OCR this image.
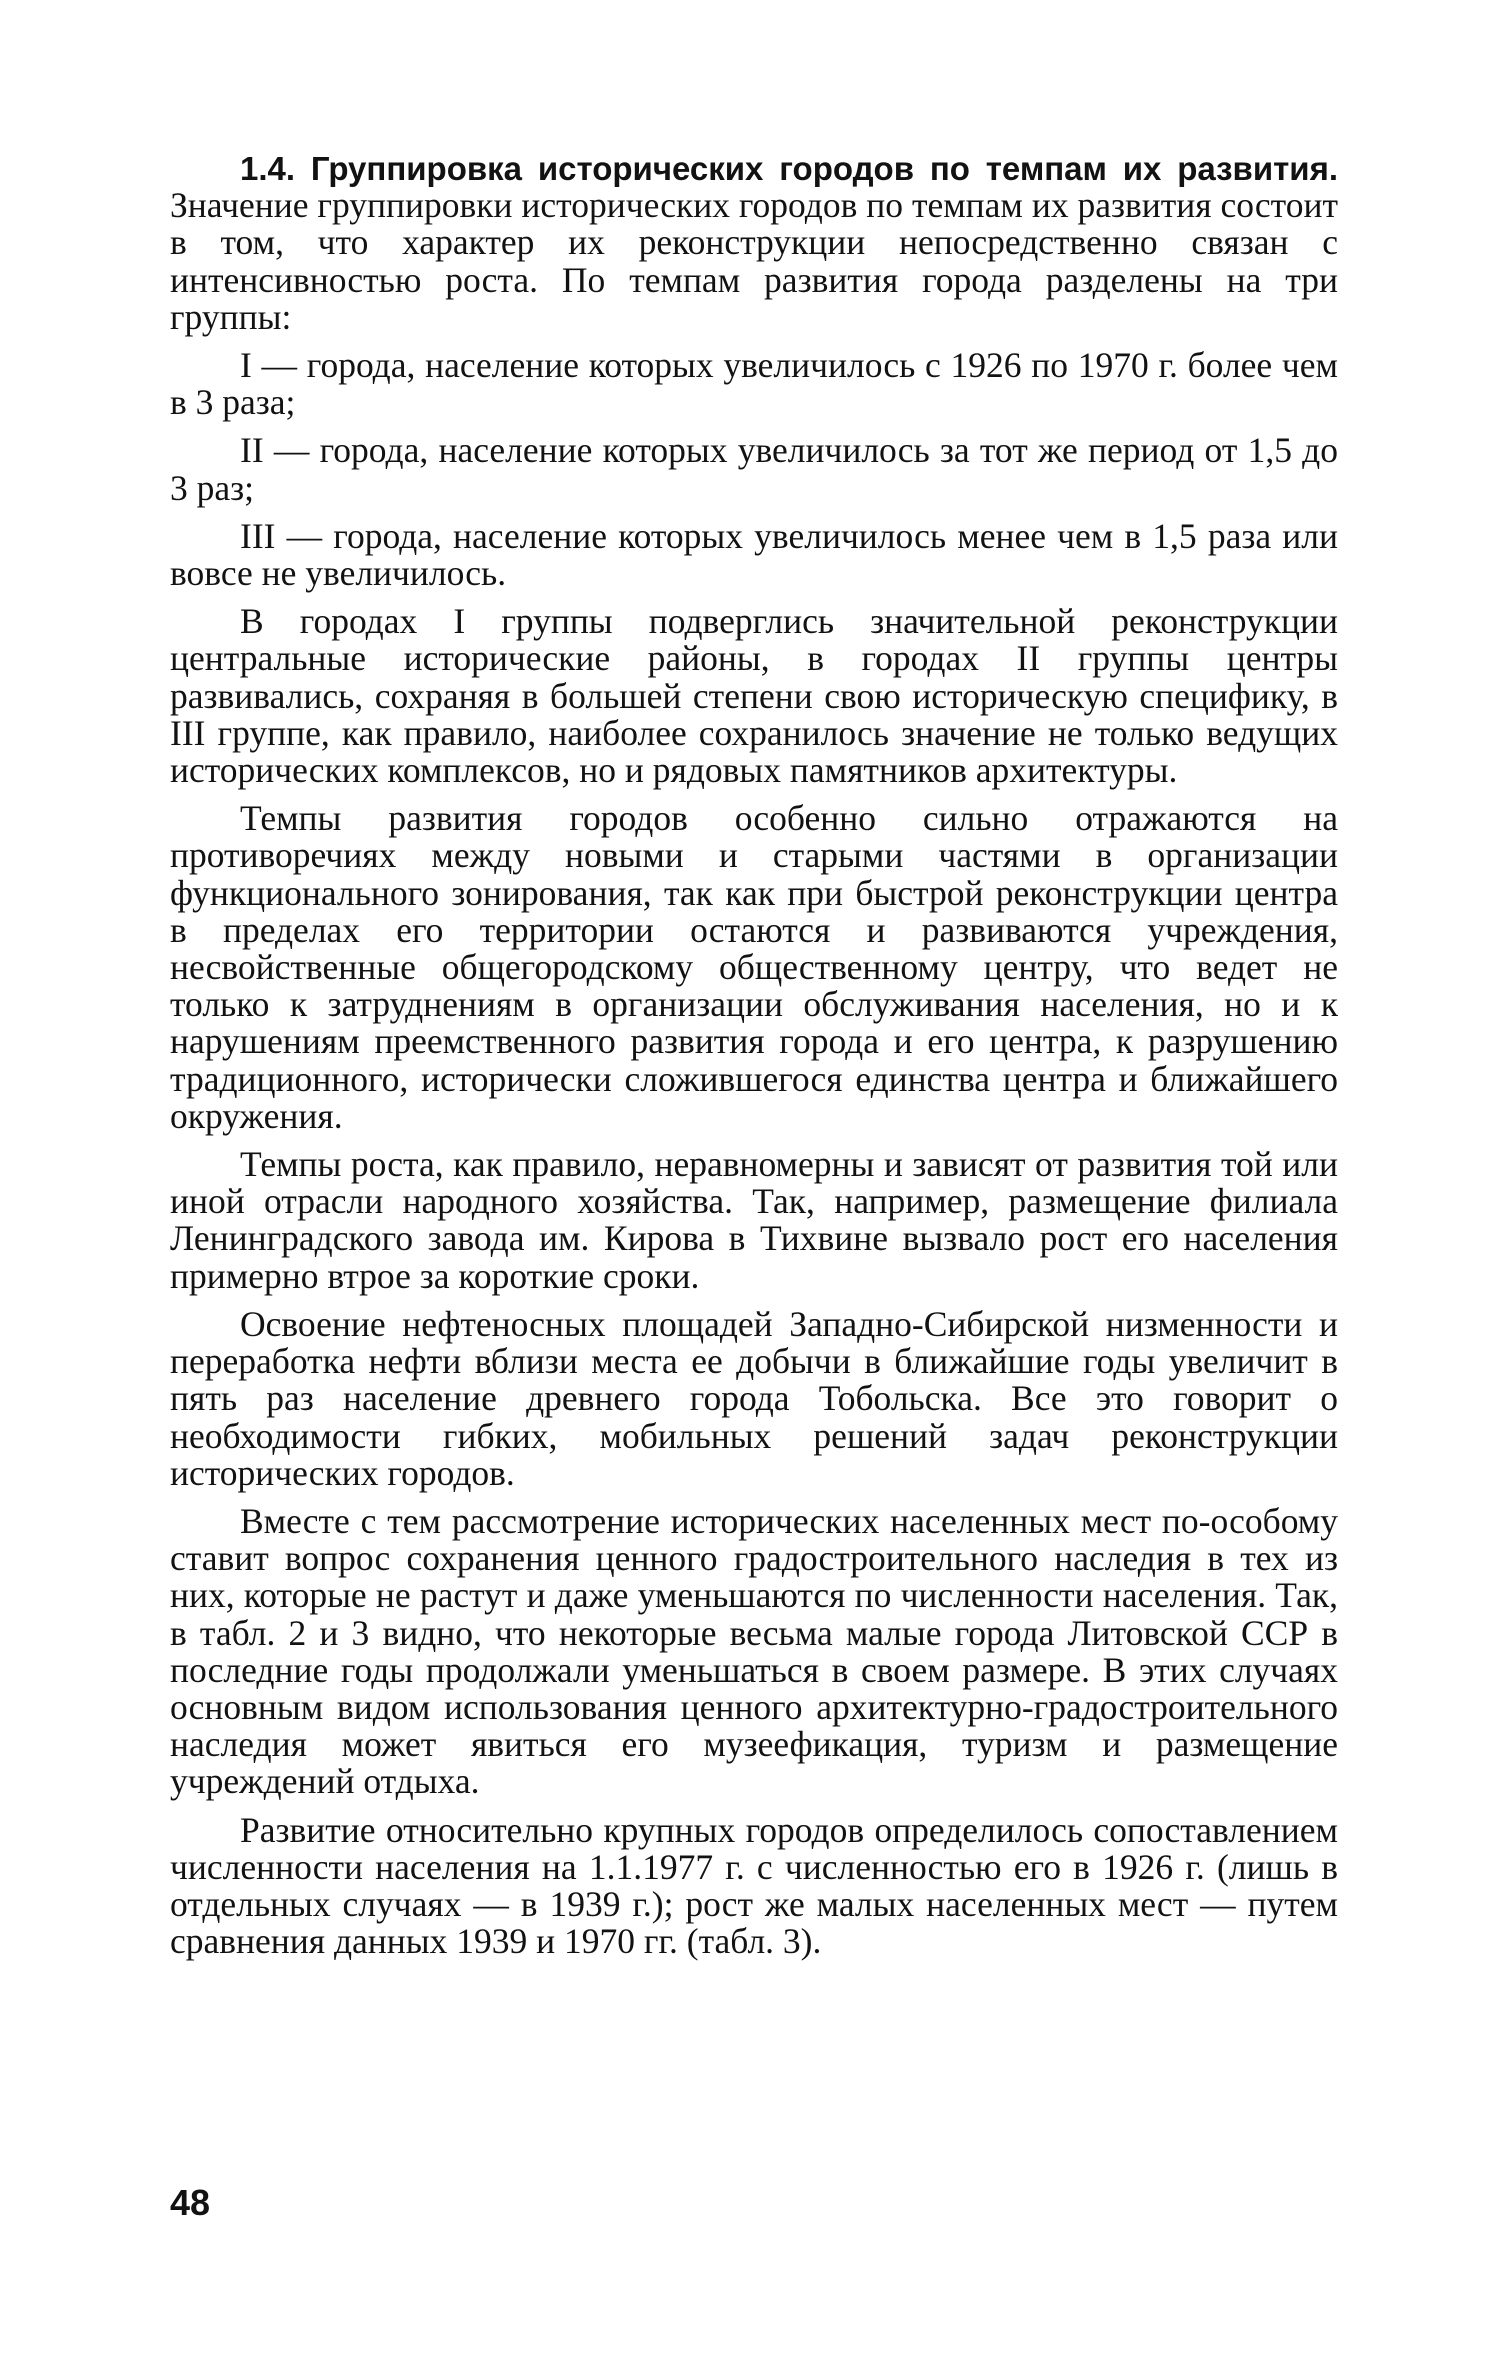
1.4. Группировка исторических городов по темпам их развития. Значение группировки исторических городов по темпам их развития состоит в том, что характер их реконструкции непосредственно связан с интенсивностью роста. По темпам развития города разделены на три группы:

I — города, население которых увеличилось с 1926 по 1970 г. более чем в 3 раза;

II — города, население которых увеличилось за тот же период от 1,5 до 3 раз;

III — города, население которых увеличилось менее чем в 1,5 раза или вовсе не увеличилось.

В городах I группы подверглись значительной реконструкции центральные исторические районы, в городах II группы центры развивались, сохраняя в большей степени свою историческую специфику, в III группе, как правило, наиболее сохранилось значение не только ведущих исторических комплексов, но и рядовых памятников архитектуры.

Темпы развития городов особенно сильно отражаются на противоречиях между новыми и старыми частями в организации функционального зонирования, так как при быстрой реконструкции центра в пределах его территории остаются и развиваются учреждения, несвойственные общегородскому общественному центру, что ведет не только к затруднениям в организации обслуживания населения, но и к нарушениям преемственного развития города и его центра, к разрушению традиционного, исторически сложившегося единства центра и ближайшего окружения.

Темпы роста, как правило, неравномерны и зависят от развития той или иной отрасли народного хозяйства. Так, например, размещение филиала Ленинградского завода им. Кирова в Тихвине вызвало рост его населения примерно втрое за короткие сроки.

Освоение нефтеносных площадей Западно-Сибирской низменности и переработка нефти вблизи места ее добычи в ближайшие годы увеличит в пять раз население древнего города Тобольска. Все это говорит о необходимости гибких, мобильных решений задач реконструкции исторических городов.

Вместе с тем рассмотрение исторических населенных мест по-особому ставит вопрос сохранения ценного градостроительного наследия в тех из них, которые не растут и даже уменьшаются по численности населения. Так, в табл. 2 и 3 видно, что некоторые весьма малые города Литовской ССР в последние годы продолжали уменьшаться в своем размере. В этих случаях основным видом использования ценного архитектурно-градостроительного наследия может явиться его музеефикация, туризм и размещение учреждений отдыха.

Развитие относительно крупных городов определилось сопоставлением численности населения на 1.1.1977 г. с численностью его в 1926 г. (лишь в отдельных случаях — в 1939 г.); рост же малых населенных мест — путем сравнения данных 1939 и 1970 гг. (табл. 3).

48
